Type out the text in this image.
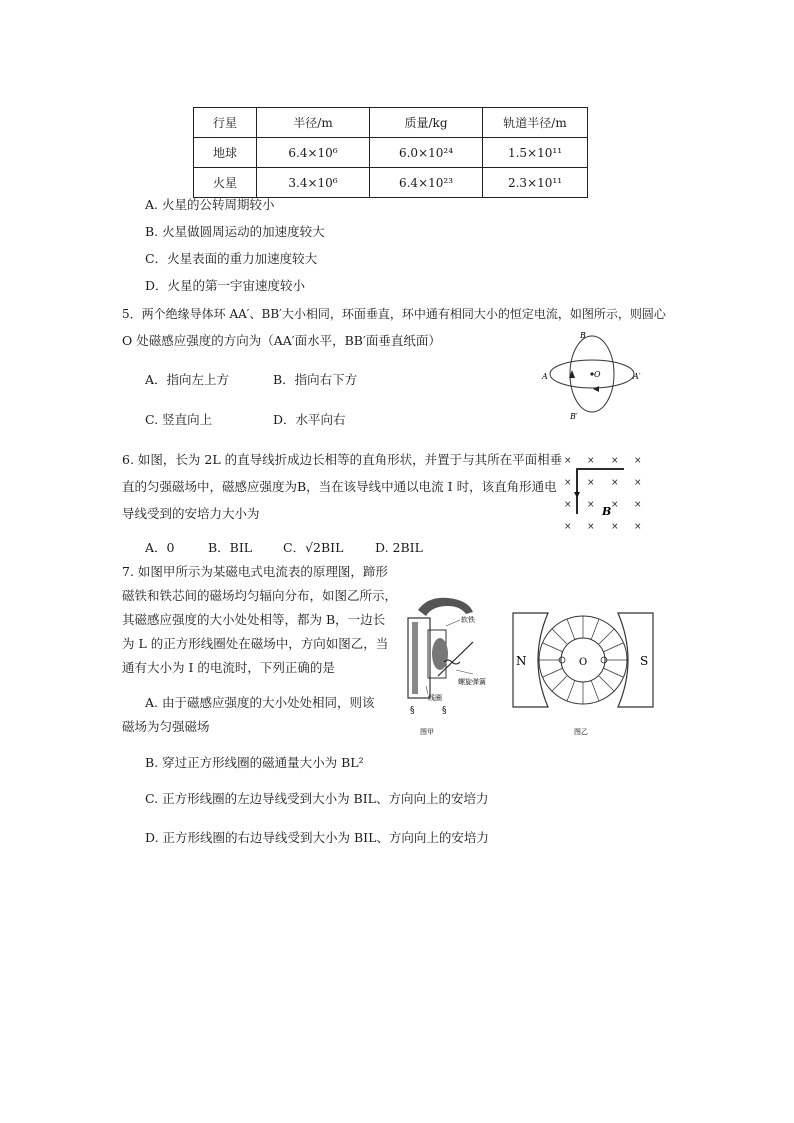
行星	半径/m	质量/kg	轨道半径/m
地球	6.4×10⁶	6.0×10²⁴	1.5×10¹¹
火星	3.4×10⁶	6.4×10²³	2.3×10¹¹
A. 火星的公转周期较小
B. 火星做圆周运动的加速度较大
C．火星表面的重力加速度较大
D．火星的第一宇宙速度较小
5．两个绝缘导体环 AA′、BB′大小相同，环面垂直，环中通有相同大小的恒定电流，如图所示，则圆心
O 处磁感应强度的方向为（AA′面水平，BB′面垂直纸面）
A．指向左上方	B．指向右下方
C. 竖直向上	D．水平向右
B
A	A′
O
B′
6. 如图，长为 2L 的直导线折成边长相等的直角形状，并置于与其所在平面相垂
直的匀强磁场中，磁感应强度为B，当在该导线中通以电流 I 时，该直角形通电
导线受到的安培力大小为
A．0	B．BIL C．√2BIL	D. 2BIL
× × × ×
× × × ×
× × × ×
× × × ×
B
7. 如图甲所示为某磁电式电流表的原理图，蹄形
磁铁和铁芯间的磁场均匀辐向分布，如图乙所示，
其磁感应强度的大小处处相等，都为 B，一边长
为 L 的正方形线圈处在磁场中，方向如图乙，当
通有大小为 I 的电流时，下列正确的是
A. 由于磁感应强度的大小处处相同，则该
磁场为匀强磁场
B. 穿过正方形线圈的磁通量大小为 BL²
C. 正方形线圈的左边导线受到大小为 BIL、方向向上的安培力
D. 正方形线圈的右边导线受到大小为 BIL、方向向上的安培力
软铁
螺旋弹簧
线圈
§	§
图甲
N	S
O
图乙
